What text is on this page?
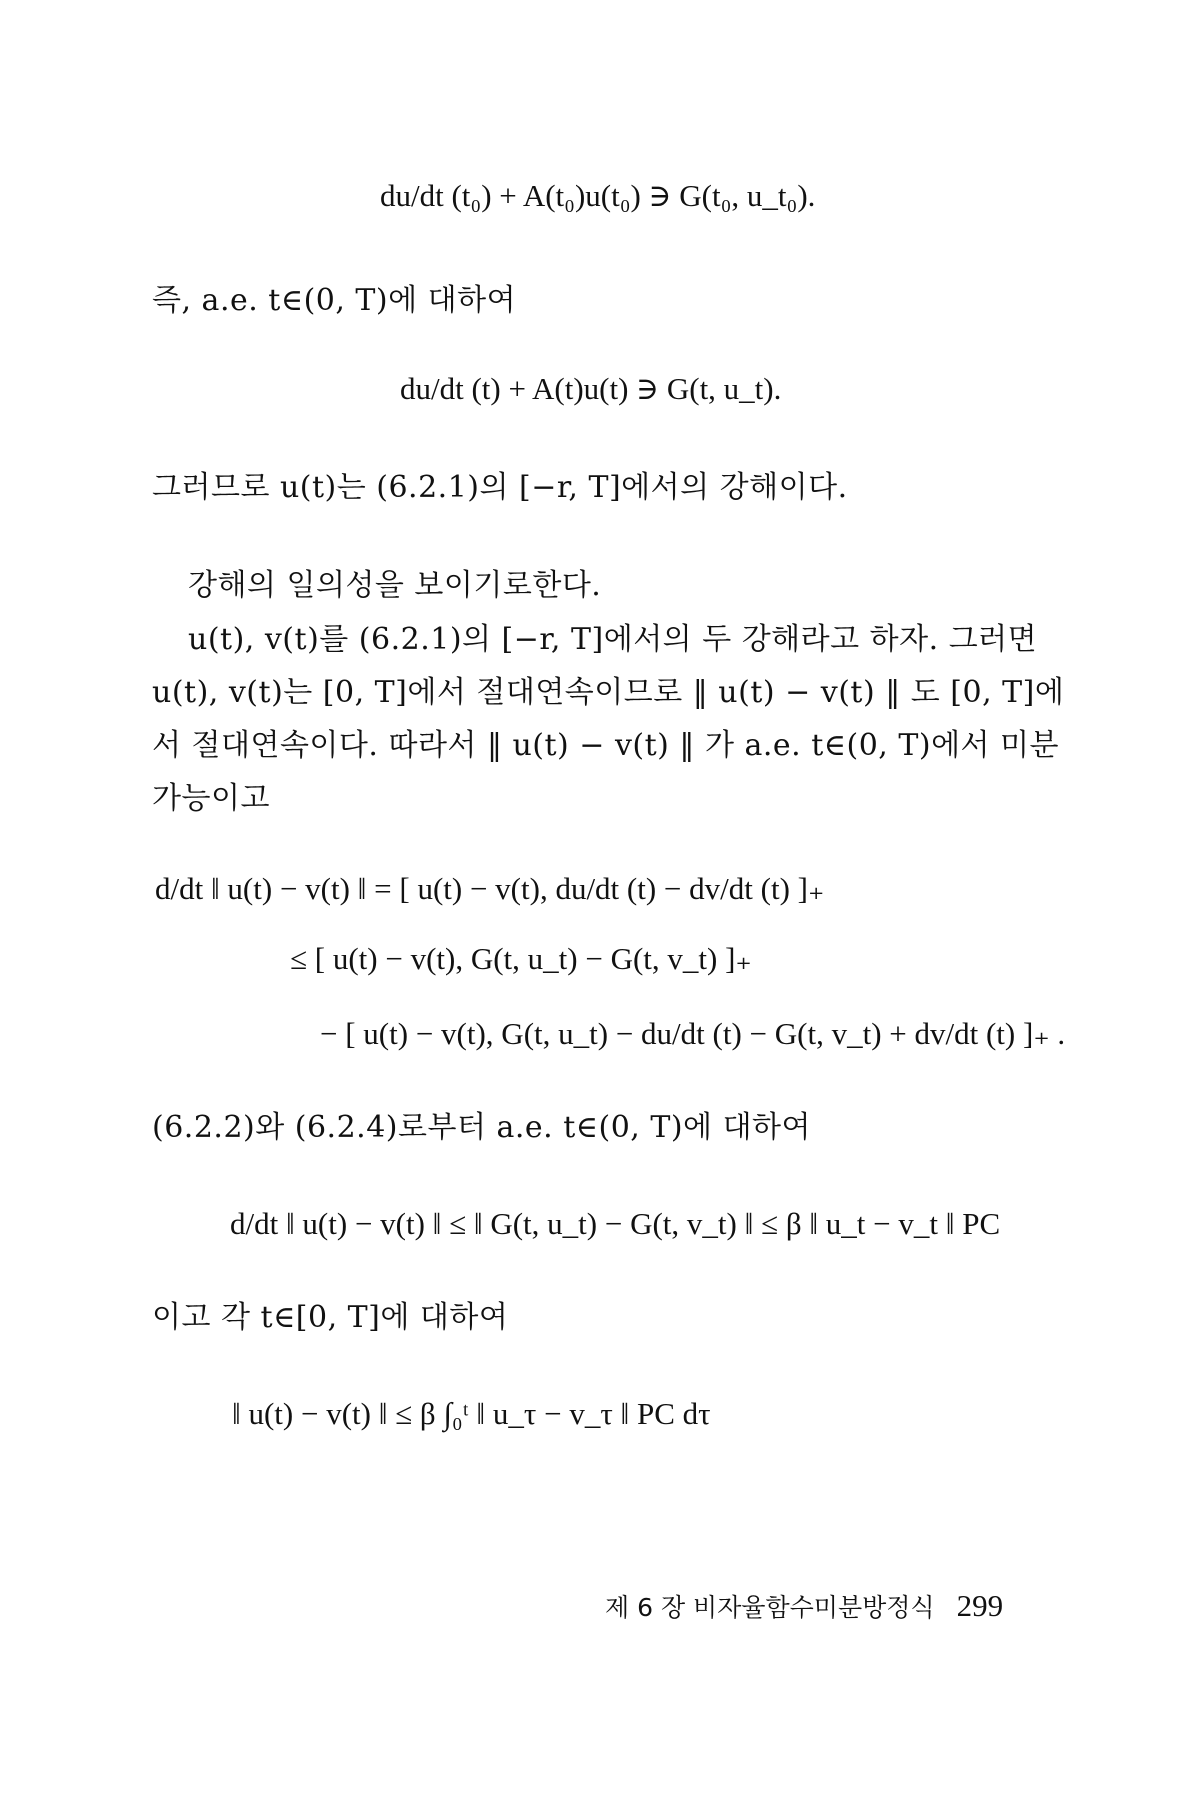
du/dt (t₀) + A(t₀)u(t₀) ∋ G(t₀, u_t₀).
즉, a.e. t∈(0, T)에 대하여
du/dt (t) + A(t)u(t) ∋ G(t, u_t).
그러므로 u(t)는 (6.2.1)의 [−r, T]에서의 강해이다.
강해의 일의성을 보이기로한다.
u(t), v(t)를 (6.2.1)의 [−r, T]에서의 두 강해라고 하자. 그러면
u(t), v(t)는 [0, T]에서 절대연속이므로 ‖ u(t) − v(t) ‖ 도 [0, T]에
서 절대연속이다. 따라서 ‖ u(t) − v(t) ‖ 가 a.e. t∈(0, T)에서 미분
가능이고
d/dt ‖ u(t) − v(t) ‖ = [ u(t) − v(t), du/dt (t) − dv/dt (t) ]₊
≤ [ u(t) − v(t), G(t, u_t) − G(t, v_t) ]₊
− [ u(t) − v(t), G(t, u_t) − du/dt (t) − G(t, v_t) + dv/dt (t) ]₊ .
(6.2.2)와 (6.2.4)로부터 a.e. t∈(0, T)에 대하여
d/dt ‖ u(t) − v(t) ‖ ≤ ‖ G(t, u_t) − G(t, v_t) ‖ ≤ β ‖ u_t − v_t ‖ PC
이고 각 t∈[0, T]에 대하여
‖ u(t) − v(t) ‖ ≤ β ∫₀ᵗ ‖ u_τ − v_τ ‖ PC dτ
제 6 장 비자율함수미분방정식 299
